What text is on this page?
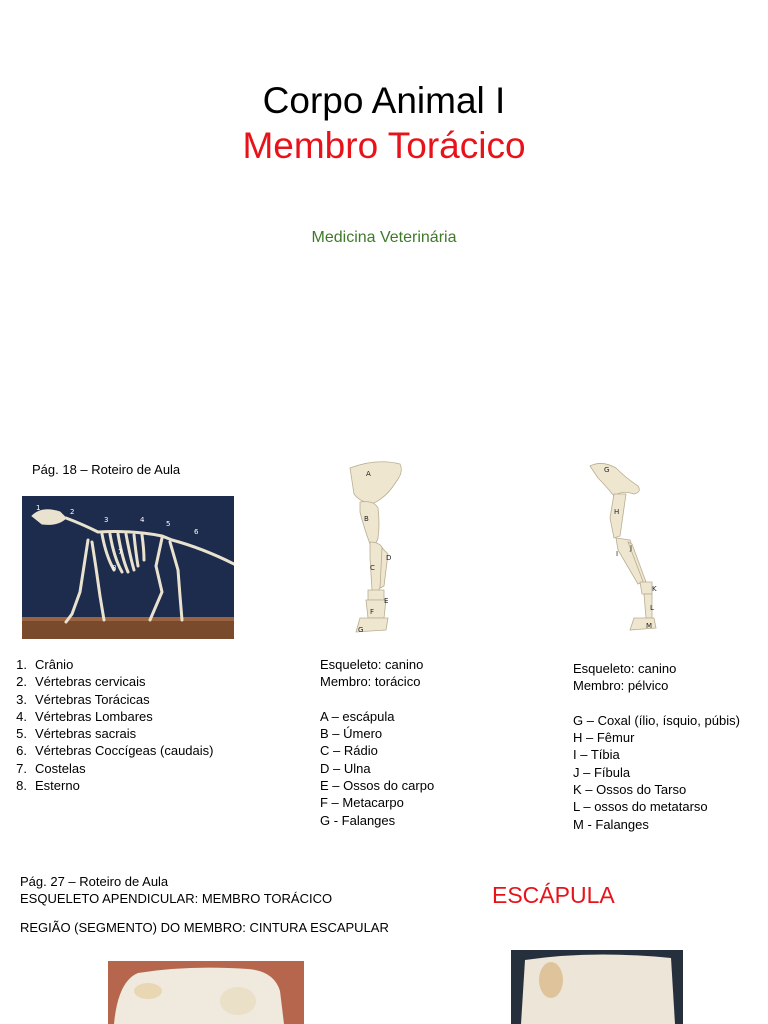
Corpo Animal I
Membro Torácico
Medicina Veterinária
Pág. 18 – Roteiro de Aula
1	2
3	4	5
6
7
8
A
B
C
D
E
F
G
G
H
I
J
K
L
M
1. Crânio
2. Vértebras cervicais
3. Vértebras Torácicas
4. Vértebras Lombares
5. Vértebras sacrais
6. Vértebras Coccígeas (caudais)
7. Costelas
8. Esterno
Esqueleto: canino
Membro: torácico
A – escápula
B – Úmero
C – Rádio
D – Ulna
E – Ossos do carpo
F – Metacarpo
G - Falanges
Esqueleto: canino
Membro: pélvico
G – Coxal (ílio, ísquio, púbis)
H – Fêmur
I – Tíbia
J – Fíbula
K – Ossos do Tarso
L – ossos do metatarso
M - Falanges
Pág. 27 – Roteiro de Aula
ESQUELETO APENDICULAR: MEMBRO TORÁCICO
REGIÃO (SEGMENTO) DO MEMBRO: CINTURA ESCAPULAR
ESCÁPULA
